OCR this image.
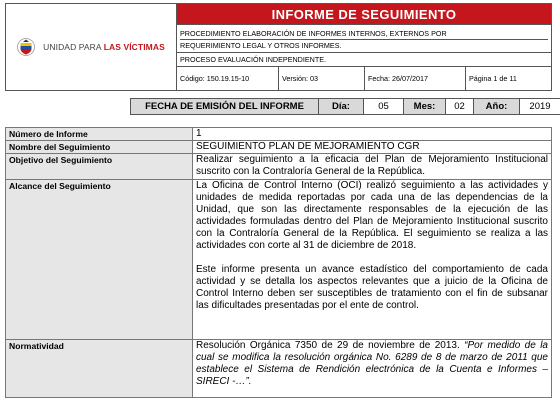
UNIDAD PARA LAS VÍCTIMAS
INFORME DE SEGUIMIENTO
PROCEDIMIENTO ELABORACIÓN DE INFORMES INTERNOS, EXTERNOS POR
REQUERIMIENTO LEGAL Y OTROS INFORMES.
PROCESO EVALUACIÓN INDEPENDIENTE.
Código: 150.19.15-10	Versión: 03	Fecha: 26/07/2017	Página 1 de 11
FECHA DE EMISIÓN DEL INFORME	Día:	05	Mes:	02	Año:	2019
Número de Informe	1
Nombre del Seguimiento	SEGUIMIENTO PLAN DE MEJORAMIENTO CGR
Objetivo del Seguimiento	Realizar seguimiento a la eficacia del Plan de Mejoramiento Institucional suscrito con la Contraloría General de la República.
Alcance del Seguimiento	La Oficina de Control Interno (OCI) realizó seguimiento a las actividades y unidades de medida reportadas por cada una de las dependencias de la Unidad, que son las directamente responsables de la ejecución de las actividades formuladas dentro del Plan de Mejoramiento Institucional suscrito con la Contraloría General de la República. El seguimiento se realiza a las actividades con corte al 31 de diciembre de 2018.

Este informe presenta un avance estadístico del comportamiento de cada actividad y se detalla los aspectos relevantes que a juicio de la Oficina de Control Interno deben ser susceptibles de tratamiento con el fin de subsanar las dificultades presentadas por el ente de control.

Normatividad	Resolución Orgánica 7350 de 29 de noviembre de 2013. “Por medido de la cual se modifica la resolución orgánica No. 6289 de 8 de marzo de 2011 que establece el Sistema de Rendición electrónica de la Cuenta e Informes – SIRECI -…”.
